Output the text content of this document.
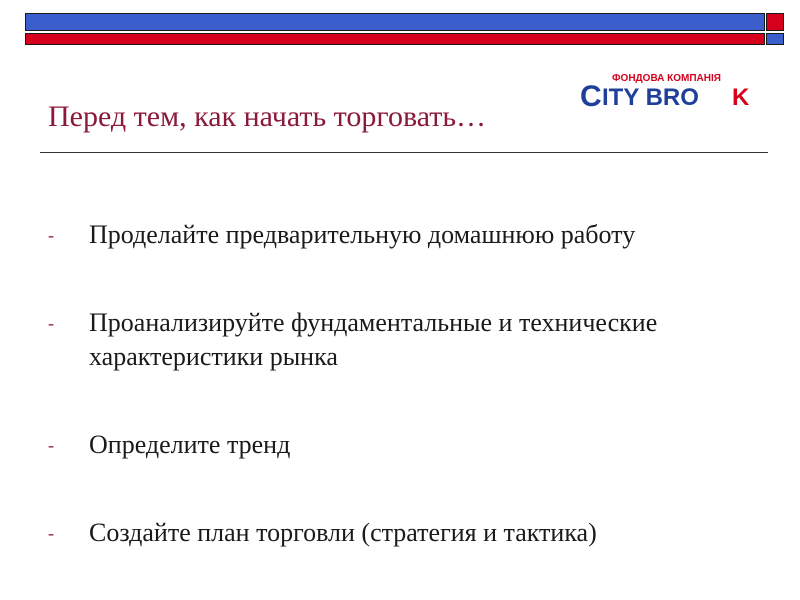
ФОНДОВА КОМПАНІЯ
C ITY BRO K
Перед тем, как начать торговать…
- Проделайте предварительную домашнюю работу
- Проанализируйте фундаментальные и технические характеристики рынка
- Определите тренд
- Создайте план торговли (стратегия и тактика)
